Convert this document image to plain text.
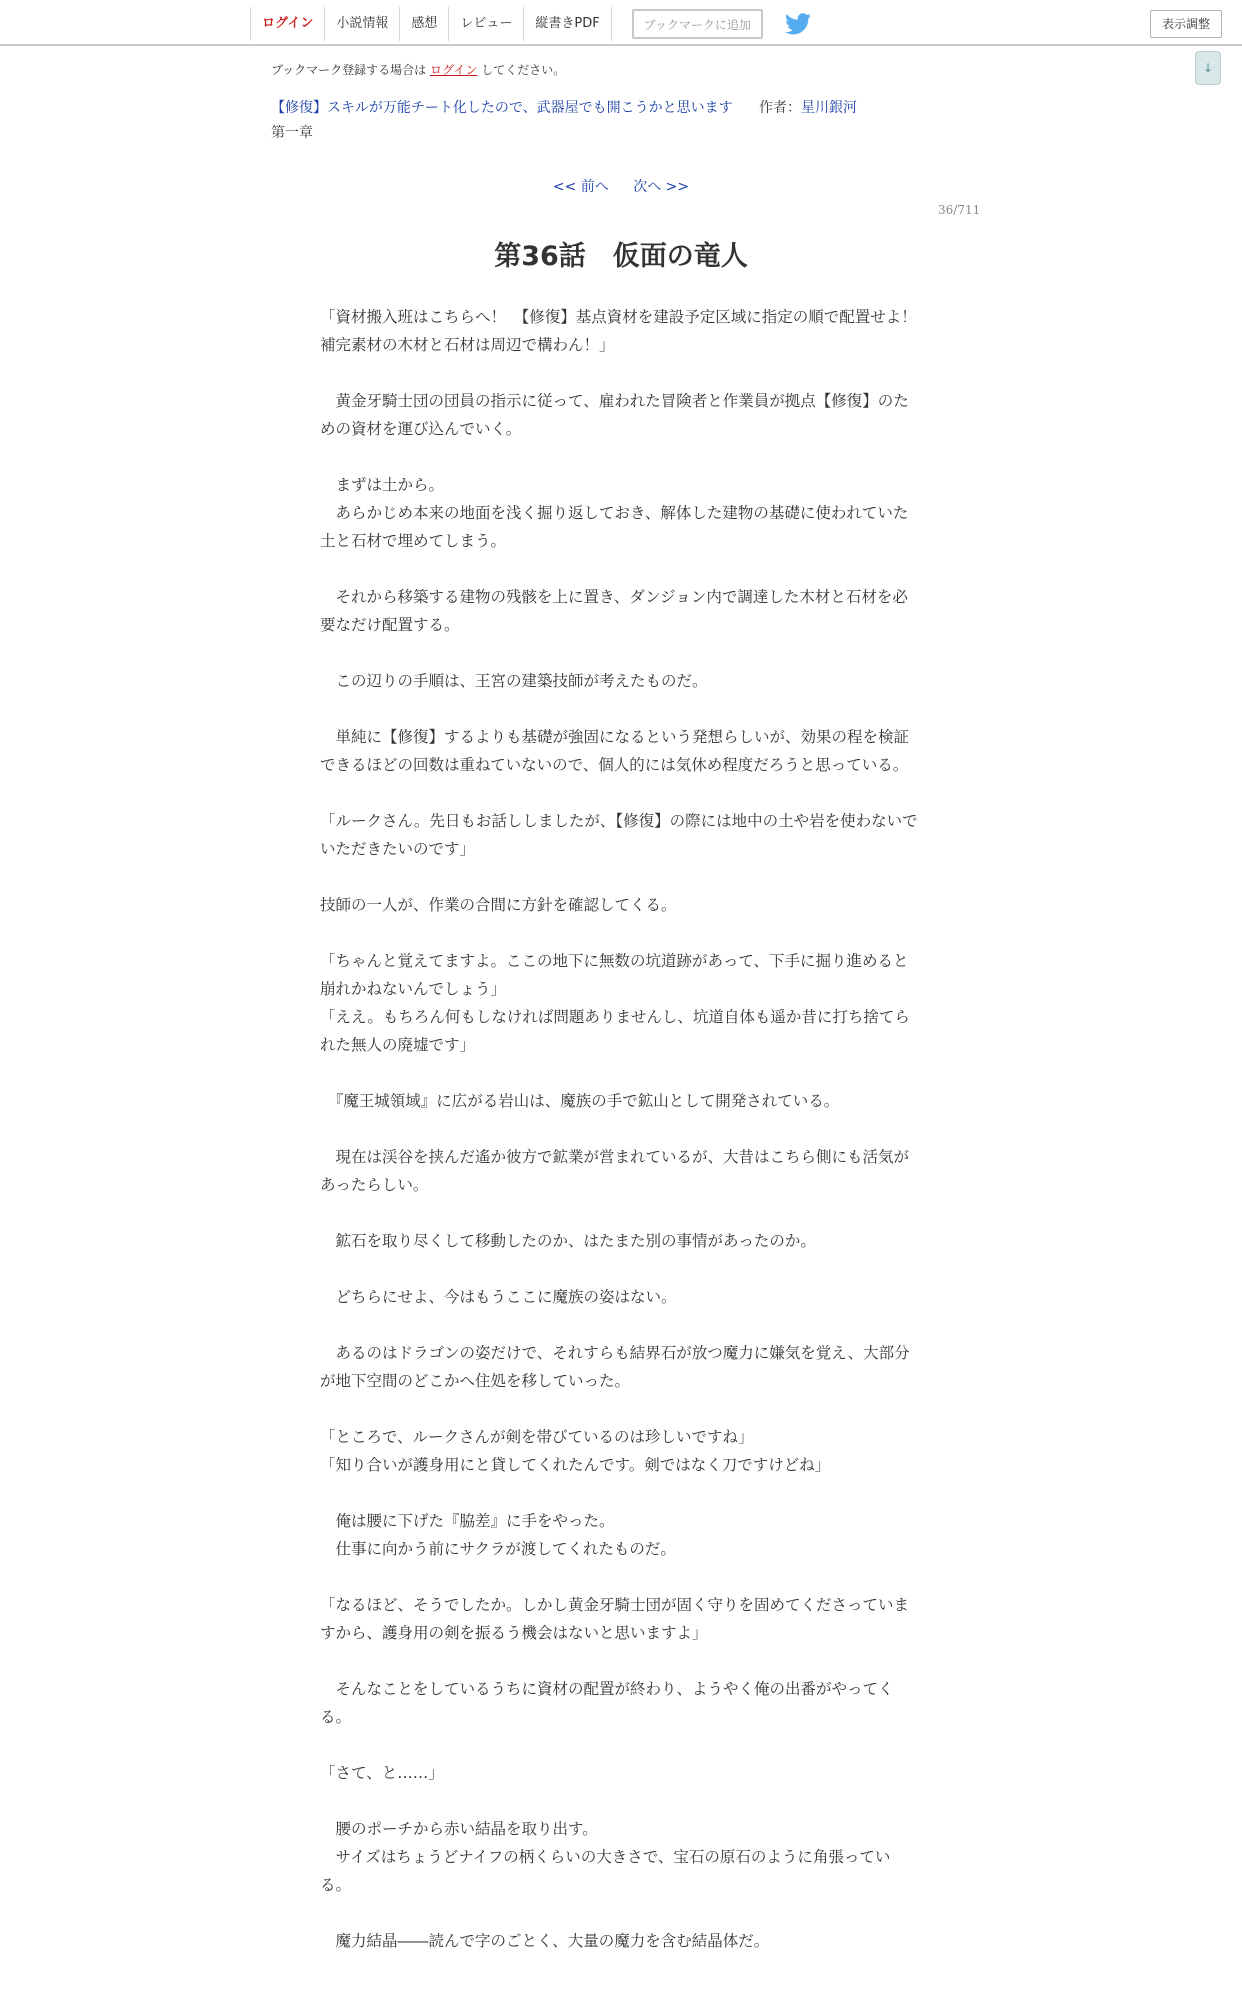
ログイン	小説情報	感想	レビュー	縦書きPDF	ブックマークに追加	表示調整
↓
ブックマーク登録する場合は ログイン してください。
【修復】スキルが万能チート化したので、武器屋でも開こうかと思います 作者：星川銀河
第一章
<< 前へ 次へ >>
36/711
第36話　仮面の竜人

「資材搬入班はこちらへ！　【修復】基点資材を建設予定区域に指定の順で配置せよ！　補完素材の木材と石材は周辺で構わん！」

　黄金牙騎士団の団員の指示に従って、雇われた冒険者と作業員が拠点【修復】のための資材を運び込んでいく。

　まずは土から。

　あらかじめ本来の地面を浅く掘り返しておき、解体した建物の基礎に使われていた土と石材で埋めてしまう。

　それから移築する建物の残骸を上に置き、ダンジョン内で調達した木材と石材を必要なだけ配置する。

　この辺りの手順は、王宮の建築技師が考えたものだ。

　単純に【修復】するよりも基礎が強固になるという発想らしいが、効果の程を検証できるほどの回数は重ねていないので、個人的には気休め程度だろうと思っている。

「ルークさん。先日もお話ししましたが、【修復】の際には地中の土や岩を使わないでいただきたいのです」

技師の一人が、作業の合間に方針を確認してくる。

「ちゃんと覚えてますよ。ここの地下に無数の坑道跡があって、下手に掘り進めると崩れかねないんでしょう」

「ええ。もちろん何もしなければ問題ありませんし、坑道自体も遥か昔に打ち捨てられた無人の廃墟です」

　『魔王城領域』に広がる岩山は、魔族の手で鉱山として開発されている。

　現在は渓谷を挟んだ遙か彼方で鉱業が営まれているが、大昔はこちら側にも活気があったらしい。

　鉱石を取り尽くして移動したのか、はたまた別の事情があったのか。

　どちらにせよ、今はもうここに魔族の姿はない。

　あるのはドラゴンの姿だけで、それすらも結界石が放つ魔力に嫌気を覚え、大部分が地下空間のどこかへ住処を移していった。

「ところで、ルークさんが剣を帯びているのは珍しいですね」

「知り合いが護身用にと貸してくれたんです。剣ではなく刀ですけどね」

　俺は腰に下げた『脇差』に手をやった。

　仕事に向かう前にサクラが渡してくれたものだ。

「なるほど、そうでしたか。しかし黄金牙騎士団が固く守りを固めてくださっていますから、護身用の剣を振るう機会はないと思いますよ」

　そんなことをしているうちに資材の配置が終わり、ようやく俺の出番がやってくる。

「さて、と……」

　腰のポーチから赤い結晶を取り出す。

　サイズはちょうどナイフの柄くらいの大きさで、宝石の原石のように角張っている。

　魔力結晶――読んで字のごとく、大量の魔力を含む結晶体だ。
